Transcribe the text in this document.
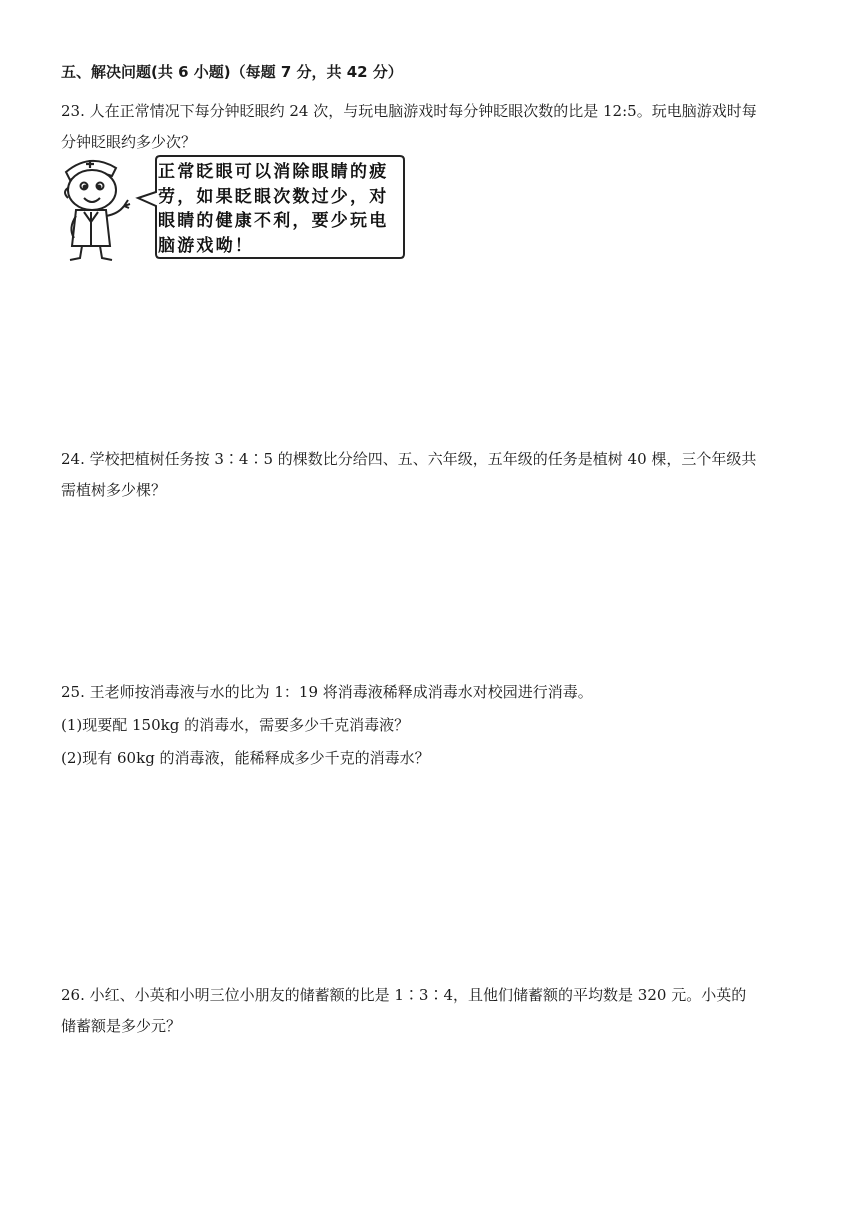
五、解决问题(共 6 小题)（每题 7 分，共 42 分）
23. 人在正常情况下每分钟眨眼约 24 次，与玩电脑游戏时每分钟眨眼次数的比是 12:5。玩电脑游戏时每
分钟眨眼约多少次？
正常眨眼可以消除眼睛的疲
劳，如果眨眼次数过少，对
眼睛的健康不利，要少玩电
脑游戏呦！
24. 学校把植树任务按 3∶4∶5 的棵数比分给四、五、六年级，五年级的任务是植树 40 棵，三个年级共
需植树多少棵？
25. 王老师按消毒液与水的比为 1：19 将消毒液稀释成消毒水对校园进行消毒。
(1)现要配 150kg 的消毒水，需要多少千克消毒液？
(2)现有 60kg 的消毒液，能稀释成多少千克的消毒水？
26. 小红、小英和小明三位小朋友的储蓄额的比是 1∶3∶4，且他们储蓄额的平均数是 320 元。小英的
储蓄额是多少元？
